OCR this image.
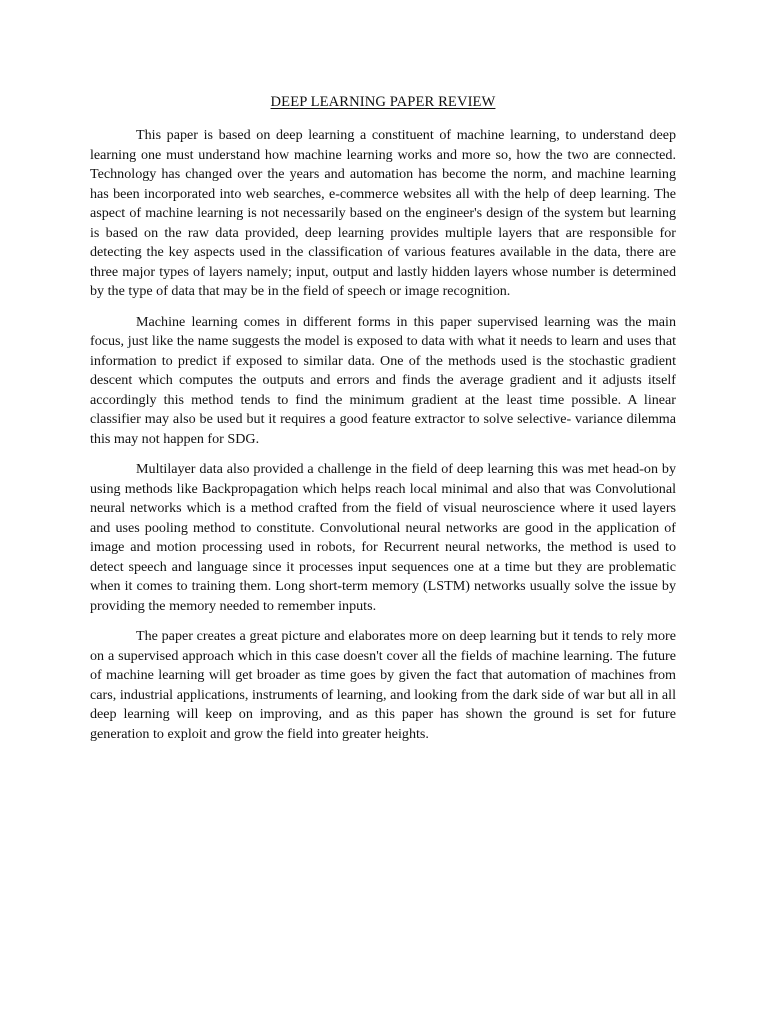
DEEP LEARNING PAPER REVIEW

This paper is based on deep learning a constituent of machine learning, to understand deep learning one must understand how machine learning works and more so, how the two are connected. Technology has changed over the years and automation has become the norm, and machine learning has been incorporated into web searches, e-commerce websites all with the help of deep learning. The aspect of machine learning is not necessarily based on the engineer's design of the system but learning is based on the raw data provided, deep learning provides multiple layers that are responsible for detecting the key aspects used in the classification of various features available in the data, there are three major types of layers namely; input, output and lastly hidden layers whose number is determined by the type of data that may be in the field of speech or image recognition.

Machine learning comes in different forms in this paper supervised learning was the main focus, just like the name suggests the model is exposed to data with what it needs to learn and uses that information to predict if exposed to similar data. One of the methods used is the stochastic gradient descent which computes the outputs and errors and finds the average gradient and it adjusts itself accordingly this method tends to find the minimum gradient at the least time possible. A linear classifier may also be used but it requires a good feature extractor to solve selective- variance dilemma this may not happen for SDG.

Multilayer data also provided a challenge in the field of deep learning this was met head-on by using methods like Backpropagation which helps reach local minimal and also that was Convolutional neural networks which is a method crafted from the field of visual neuroscience where it used layers and uses pooling method to constitute. Convolutional neural networks are good in the application of image and motion processing used in robots, for Recurrent neural networks, the method is used to detect speech and language since it processes input sequences one at a time but they are problematic when it comes to training them. Long short-term memory (LSTM) networks usually solve the issue by providing the memory needed to remember inputs.

The paper creates a great picture and elaborates more on deep learning but it tends to rely more on a supervised approach which in this case doesn't cover all the fields of machine learning. The future of machine learning will get broader as time goes by given the fact that automation of machines from cars, industrial applications, instruments of learning, and looking from the dark side of war but all in all deep learning will keep on improving, and as this paper has shown the ground is set for future generation to exploit and grow the field into greater heights.
